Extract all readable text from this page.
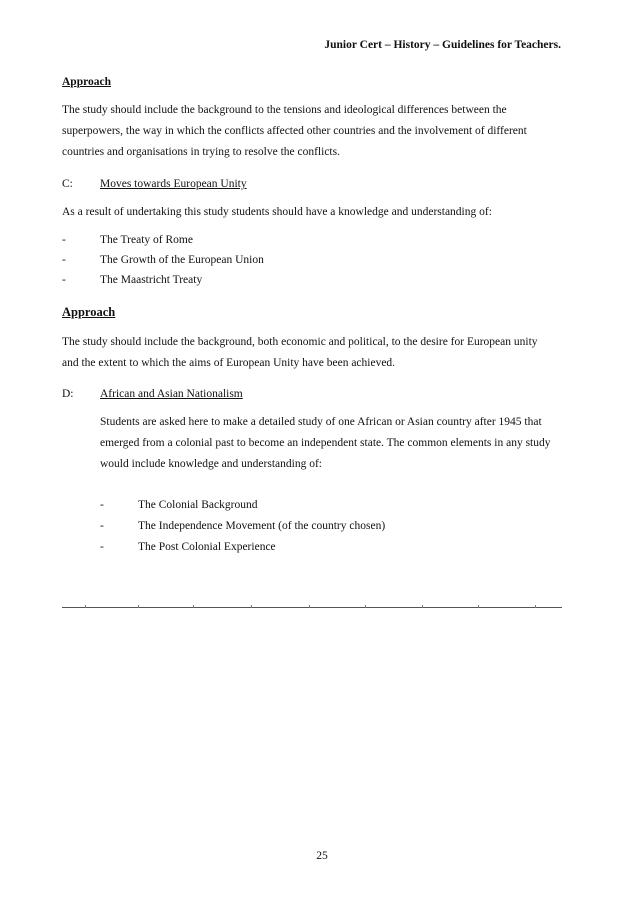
Junior Cert – History – Guidelines for Teachers.
Approach
The study should include the background to the tensions and ideological differences between the
superpowers, the way in which the conflicts affected other countries and the involvement of different
countries and organisations in trying to resolve the conflicts.
C: Moves towards European Unity
As a result of undertaking this study students should have a knowledge and understanding of:
-	The Treaty of Rome
-	The Growth of the European Union
-	The Maastricht Treaty
Approach
The study should include the background, both economic and political, to the desire for European unity
and the extent to which the aims of European Unity have been achieved.
D: African and Asian Nationalism
Students are asked here to make a detailed study of one African or Asian country after 1945 that
emerged from a colonial past to become an independent state. The common elements in any study
would include knowledge and understanding of:
-	The Colonial Background
-	The Independence Movement (of the country chosen)
-	The Post Colonial Experience
25
